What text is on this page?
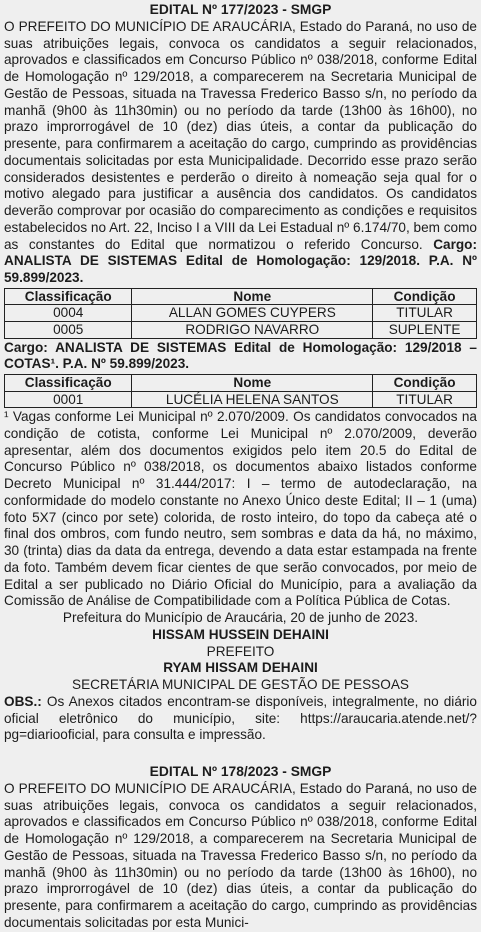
EDITAL Nº 177/2023 - SMGP
O PREFEITO DO MUNICÍPIO DE ARAUCÁRIA, Estado do Paraná, no uso de suas atribuições legais, convoca os candidatos a seguir relacionados, aprovados e classificados em Concurso Público nº 038/2018, conforme Edital de Homologação nº 129/2018, a comparecerem na Secretaria Municipal de Gestão de Pessoas, situada na Travessa Frederico Basso s/n, no período da manhã (9h00 às 11h30min) ou no período da tarde (13h00 às 16h00), no prazo improrrogável de 10 (dez) dias úteis, a contar da publicação do presente, para confirmarem a aceitação do cargo, cumprindo as providências documentais solicitadas por esta Municipalidade. Decorrido esse prazo serão considerados desistentes e perderão o direito à nomeação seja qual for o motivo alegado para justificar a ausência dos candidatos. Os candidatos deverão comprovar por ocasião do comparecimento as condições e requisitos estabelecidos no Art. 22, Inciso I a VIII da Lei Estadual nº 6.174/70, bem como as constantes do Edital que normatizou o referido Concurso. Cargo: ANALISTA DE SISTEMAS Edital de Homologação: 129/2018. P.A. Nº 59.899/2023.
Classificação	Nome	Condição
0004	ALLAN GOMES CUYPERS	TITULAR
0005	RODRIGO NAVARRO	SUPLENTE
Cargo: ANALISTA DE SISTEMAS Edital de Homologação: 129/2018 – COTAS¹. P.A. Nº 59.899/2023.
Classificação	Nome	Condição
0001	LUCÉLIA HELENA SANTOS	TITULAR
¹ Vagas conforme Lei Municipal nº 2.070/2009. Os candidatos convocados na condição de cotista, conforme Lei Municipal nº 2.070/2009, deverão apresentar, além dos documentos exigidos pelo item 20.5 do Edital de Concurso Público nº 038/2018, os documentos abaixo listados conforme Decreto Municipal nº 31.444/2017: I – termo de autodeclaração, na conformidade do modelo constante no Anexo Único deste Edital; II – 1 (uma) foto 5X7 (cinco por sete) colorida, de rosto inteiro, do topo da cabeça até o final dos ombros, com fundo neutro, sem sombras e data da há, no máximo, 30 (trinta) dias da data da entrega, devendo a data estar estampada na frente da foto. Também devem ficar cientes de que serão convocados, por meio de Edital a ser publicado no Diário Oficial do Município, para a avaliação da Comissão de Análise de Compatibilidade com a Política Pública de Cotas.
Prefeitura do Município de Araucária, 20 de junho de 2023.
HISSAM HUSSEIN DEHAINI
PREFEITO
RYAM HISSAM DEHAINI
SECRETÁRIA MUNICIPAL DE GESTÃO DE PESSOAS
OBS.: Os Anexos citados encontram-se disponíveis, integralmente, no diário oficial eletrônico do município, site: https://araucaria.atende.net/?pg=diariooficial, para consulta e impressão.
EDITAL Nº 178/2023 - SMGP
O PREFEITO DO MUNICÍPIO DE ARAUCÁRIA, Estado do Paraná, no uso de suas atribuições legais, convoca os candidatos a seguir relacionados, aprovados e classificados em Concurso Público nº 038/2018, conforme Edital de Homologação nº 129/2018, a comparecerem na Secretaria Municipal de Gestão de Pessoas, situada na Travessa Frederico Basso s/n, no período da manhã (9h00 às 11h30min) ou no período da tarde (13h00 às 16h00), no prazo improrrogável de 10 (dez) dias úteis, a contar da publicação do presente, para confirmarem a aceitação do cargo, cumprindo as providências documentais solicitadas por esta Munici-
